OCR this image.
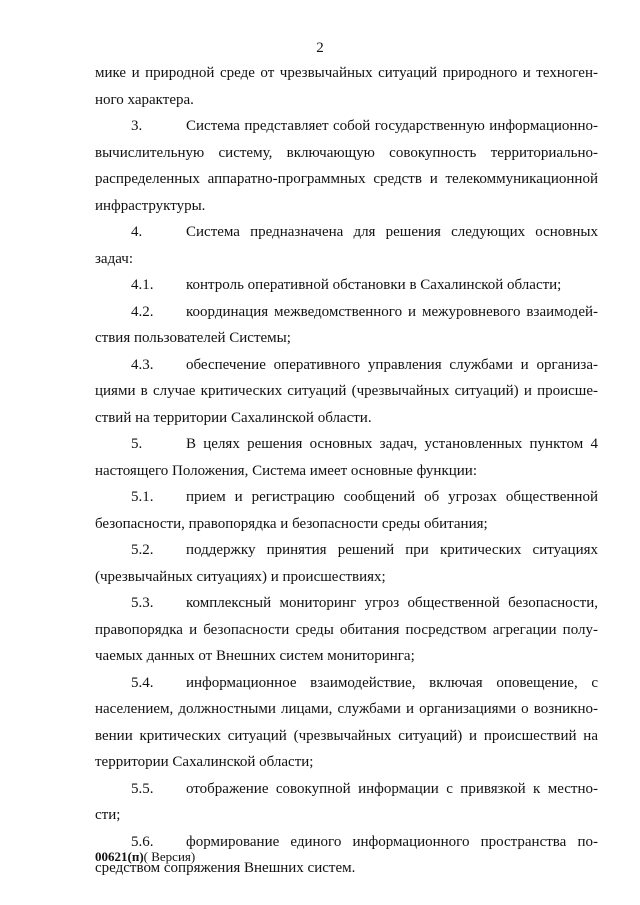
2

мике и природной среде от чрезвычайных ситуаций природного и техноген-ного характера.

3.	Система представляет собой государственную информационно-вычислительную систему, включающую совокупность территориально-распределенных аппаратно-программных средств и телекоммуникационной инфраструктуры.

4.	Система предназначена для решения следующих основных задач:

4.1. контроль оперативной обстановки в Сахалинской области;

4.2. координация межведомственного и межуровневого взаимодей-ствия пользователей Системы;

4.3. обеспечение оперативного управления службами и организа-циями в случае критических ситуаций (чрезвычайных ситуаций) и происше-ствий на территории Сахалинской области.

5.	В целях решения основных задач, установленных пунктом 4 настоящего Положения, Система имеет основные функции:

5.1. прием и регистрацию сообщений об угрозах общественной безопасности, правопорядка и безопасности среды обитания;

5.2. поддержку принятия решений при критических ситуациях (чрезвычайных ситуациях) и происшествиях;

5.3. комплексный мониторинг угроз общественной безопасности, правопорядка и безопасности среды обитания посредством агрегации полу-чаемых данных от Внешних систем мониторинга;

5.4. информационное взаимодействие, включая оповещение, с населением, должностными лицами, службами и организациями о возникно-вении критических ситуаций (чрезвычайных ситуаций) и происшествий на территории Сахалинской области;

5.5. отображение совокупной информации с привязкой к местно-сти;

5.6. формирование единого информационного пространства по-средством сопряжения Внешних систем.

00621(п)( Версия)
